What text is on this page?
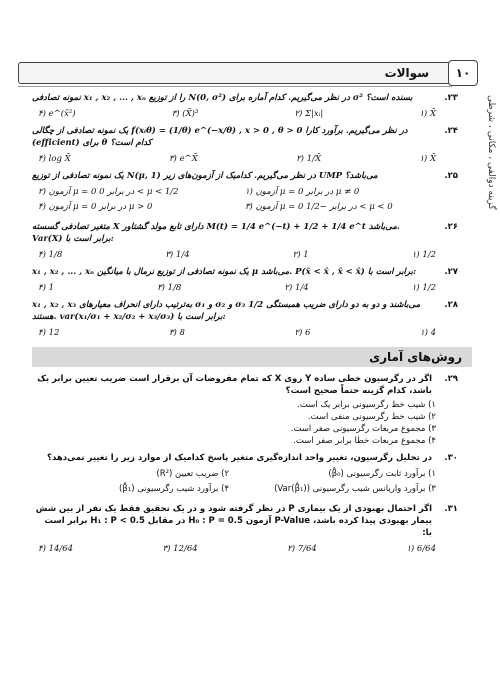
سوالات	۱۰
گزینه دوالفی ، مکانی ، شرطی
۲۳.
نمونه تصادفی x₁ , x₂ , ... , xₙ را از توزیع N(0, σ²) در نظر می‌گیریم. کدام آماره برای σ² بسنده است؟
۱) X̄
۲) Σ|xᵢ|
۳) (X̄)³
۴) e^(x̄²)
۲۴.
یک نمونه تصادفی از چگالی f(xᵢθ) = (1/θ) e^(−x/θ) , x > 0 , θ > 0 در نظر می‌گیریم. برآورد کارا (efficient) برای θ کدام است؟
۱) X̄
۲) 1/X̄
۳) e^X̄
۴) log X̄
۲۵.
یک نمونه تصادفی از توزیع N(μ, 1) در نظر می‌گیریم. کدامیک از آزمون‌های زیر UMP می‌باشد؟
۱) آزمون μ = 0 در برابر μ ≠ 0
۲) آزمون μ = 0 در برابر 0 < μ < 1/2
۳) آزمون μ = 0 در برابر −1/2 < μ < 0
۴) آزمون μ = 0 در برابر μ > 0
۲۶.
متغیر تصادفی گسسته X دارای تابع مولد گشتاور M(t) = 1/4 e^(−t) + 1/2 + 1/4 e^t می‌باشد. Var(X) برابر است با:
۱) 1/2
۲) 1
۳) 1/4
۴) 1/8
۲۷.
x₁ , x₂ , ... , xₙ یک نمونه تصادفی از توزیع نرمال با میانگین μ می‌باشد. P(x̄ < x̄ , x̄ < x̄) برابر است با:
۱) 1/2
۲) 1/4
۳) 1/8
۴) 1
۲۸.
x₁ , x₂ , x₃ به‌ترتیب دارای انحراف معیارهای σ₁ و σ₂ و σ₃ می‌باشند و دو به دو دارای ضریب همبستگی 1/2 هستند. var(x₁/σ₁ + x₂/σ₂ + x₃/σ₃) برابر است با:
۱) 4
۲) 6
۳) 8
۴) 12
روش‌های آماری
۲۹.
اگر در رگرسیون خطی ساده Y روی X که تمام مفروضات آن برقرار است ضریب تعیین برابر یک باشد، کدام گزینه حتماً صحیح است؟
۱) شیب خط رگرسیونی برابر یک است.
۲) شیب خط رگرسیونی منفی است.
۳) مجموع مربعات رگرسیونی صفر است.
۴) مجموع مربعات خطا برابر صفر است.
۳۰.
در تحلیل رگرسیون، تغییر واحد اندازه‌گیری متغیر پاسخ کدامیک از موارد زیر را تغییر نمی‌دهد؟
۱) برآورد ثابت رگرسیونی (β̂₀)
۲) ضریب تعیین (R²)
۳) برآورد واریانس شیب رگرسیونی (Var(β̂₁))
۴) برآورد شیب رگرسیونی (β̂₁)
۳۱.
اگر احتمال بهبودی از یک بیماری P در نظر گرفته شود و در یک تحقیق فقط یک نفر از بین شش بیمار بهبودی پیدا کرده باشد، P-Value آزمون H₀ : P = 0.5 در مقابل H₁ : P < 0.5 برابر است با:
۱) 6/64
۲) 7/64
۳) 12/64
۴) 14/64
